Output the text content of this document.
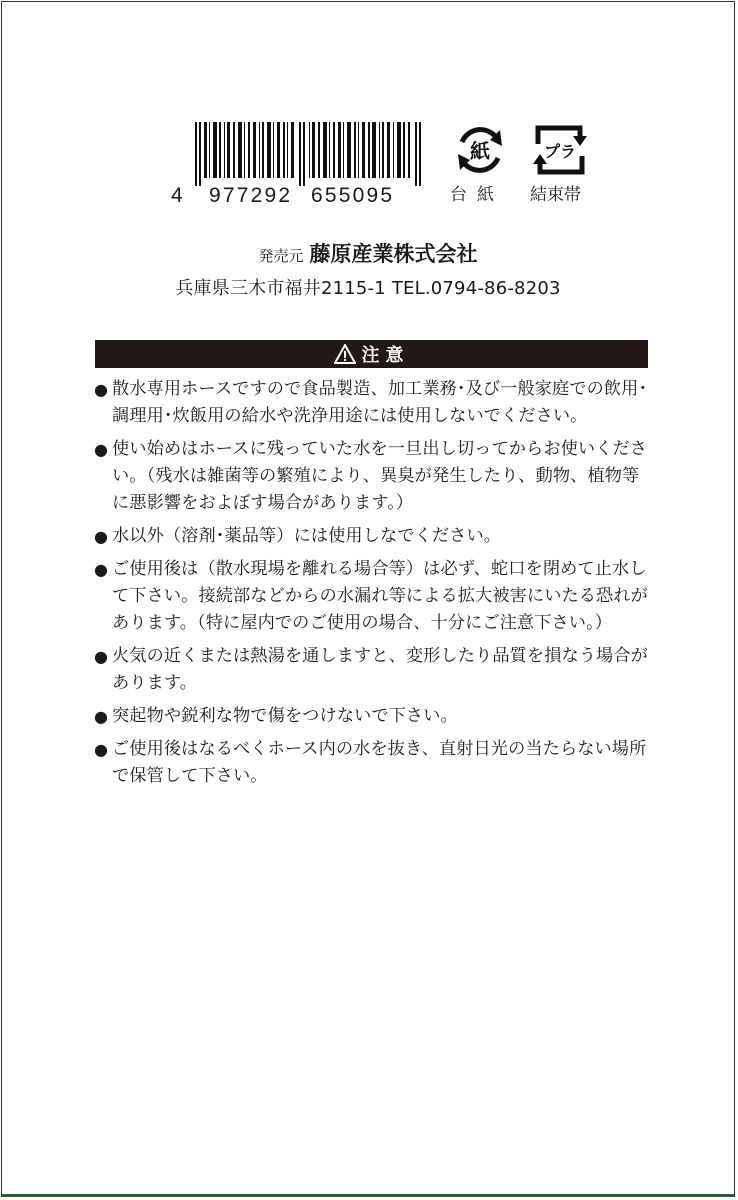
4 977292 655095
紙	プラ
台紙 結束帯
発売元 藤原産業株式会社
兵庫県三木市福井2115-1 TEL.0794-86-8203
注意
● 散水専用ホースですので食品製造、加工業務･及び一般家庭での飲用･調理用･炊飯用の給水や洗浄用途には使用しないでください。
● 使い始めはホースに残っていた水を一旦出し切ってからお使いください。（残水は雑菌等の繁殖により、異臭が発生したり、動物、植物等に悪影響をおよぼす場合があります。）
● 水以外（溶剤･薬品等）には使用しなでください。
● ご使用後は（散水現場を離れる場合等）は必ず、蛇口を閉めて止水して下さい。接続部などからの水漏れ等による拡大被害にいたる恐れがあります。（特に屋内でのご使用の場合、十分にご注意下さい。）
● 火気の近くまたは熱湯を通しますと、変形したり品質を損なう場合があります。
● 突起物や鋭利な物で傷をつけないで下さい。
● ご使用後はなるべくホース内の水を抜き、直射日光の当たらない場所で保管して下さい。
